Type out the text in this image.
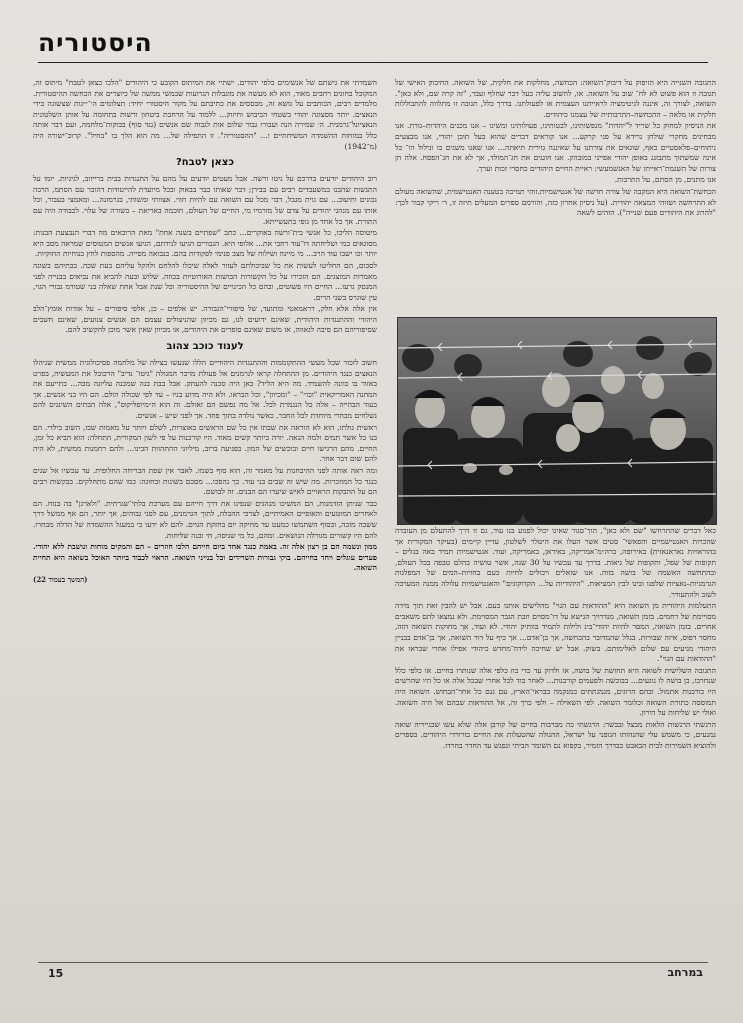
היסטוריה

התגובה השנייה היא הזיפוק על דיבוק־השואה: הכחשה, מחלקות את חלקית, של השואה. החיבוק האישי של תגובה זו הוא פשוט לא לח־ שוב על השואה. או, להשוב עליה כעל דבר שחלף ועבר, "זה קרה שם, ולא כאן". השואה, לצורך זה, איננה לגיטימציה לראייתנו העצמית או לפעולתנו. בדרך כלל, תגובה זו מתלווה להתבוללות חלקית או מלאה – ההכחשה–התרבותית של עצמנו כיהודים.

את הניסיון למחוק כל שריד ל"יהדות" מנפשותינו, לבטותינו, פעולותינו ומשינו – אנו מכנים היהדות–גורת. אנו מבחינים מחקרי שולחן גרידא על פני קרקע... אנו קוראים דברים שהוא בעל תוכן יהודי, אנו מבצעים ניתוחים–פלאסטיים באף, שוגאים את צורתנו על שאיננה גזירית תיאתה... אנו שאגו משגים בו ונילול הו־ כל אינה שמשתוך מתבזגג באופן יהודי אפייני במובהק. אנו חוגגים את חג־המולד, אך לא את חג־הפסח. אלה הן צורות של השגמת־ראייתו של האנשמעשי: ראיית החיים היהודים כחסרי זכות וערך.

אנו מתנים, מן הסתם, על התרבות.

הכחשת־השואה היא המקבה של צורה חדשה של אנטישמיות.זוהי תמיכה בטענה האנטישמית, שהשואה מעולם לא התרחשה ושזוהי המצאה יהודית. (על ניסיון אחרון כזה, והורמם ספרים המעלים תיזה זו, ר׳ ריקי קבור לכך: "להרוג את היהודים פעם שנייה"). הזהים לשאה

כאל דברים שהתרחשו "שם ולא כאן", תוך־סגור שאינו יכול לפגוע בנו עוד, גם זו דרך להתעלם מן העובדה שהכרות האנטישמיים והפאשי־ סטים אשר העלו את היטלר לשלטון, עדיין קיימים (בעיקר המקורית אך בהוראויות נאראנאזית) באירופה, ברה״מ־אמריקה, באיראן, באמריקה, ועוד. אנטישמיות תמיד באה בגלים – תקופות של שפל, ותקופות של גיאות. בדרך עד עכשיו על 30 שנה, אשר טושיה בהלם טבפה בכל העולם, ובהתחשה האשמה של בושה בזוה. אנו שואלים ויכולים לחיות כעם בחזיות–המים של המפלגות הגרמניות–נאציות שלפנו ובינו לבין המציאות. "היהודיות על... הקדוקוגים" והאנטישמיות עלולה ממנה המערבה לשוב ולהתעורר.

התעלמות היהודית מן השואה היא "ההודאות עם הגוי" מהלישים אותנו כעם. אבל יש להבין זאת תוך מידה מסויימת של רחמים. בזמן השואה, מנדרויך הנישא על דו־מסוים וזבת הגבר המסוימת. ולא נמצאו להם משאבים אחרים. בזמן השואה, המסר להיות יהודי־ביג ולילות לתמיד בוותיק יהודי. לא ועוד, אך מחוקות השואה הזה, מחסר דפוס, איזה שבורות. בגלל שהמדובר בהכחשה, אך בן־אדם... אך כיף על דור השואה, אך בן־אדם בבניין היהודי מגיעים עם שלום לאלימותם. בשוק. אבל יש שחיכה לידה־מחדש כיהודי אפילו אחרי שבראו את "ההודאות עם הגוי".

התגובה השלישית לשואה היא תחושת של בושה, או ולדוק עד כדי בוז כלפי אלה שנותרו בחיים. או כלפי כלל שנחרבו, בן בושה לו נוגעים... בבוכשה ולפעמים קורבנות... לאחר בוד לכל אחרי שבכל אלה או כל היו שהרשים היו כורבנות אתמול. ובהם הרוגים, מגמגתתים כמנקמה בבראי־הארץ, עם גנם כל אחר־הבחוש. השואה היה תמוססה כתורת השואה וכלומר השואה. לפי השאילה – ולפי כרך זה, אל ההודאות שבהם אל היה השואה. ואולי יש שליחות על הירון.

הרגשתי הרגשות הלאות מבצל ובבשר: הרגשתי כה מברבות בחיים של קורבן אלה שלא עשו שבגייריה שואה נמנעים, כי משמש עלי שהנהותו הגופני על ישראל, ההגולה שהטעלות את החיים בזרורדי היהודים. בספרים ולהוציא השמירות לבית הבאבט כבדרך הזמיר, בקפוא נם השומר הביתי ונפגש עד החדר בחרדו.

השמדתי את גישתם של אנשימים כלפי יהודים. ישתיי את המיתוס הקובע כי היהודים "הלכו כצאן לטבח" מיתוס זה, המקובל בחוגים רחבים מאוד, הוא לא מעשה את מוגבלות הגרועות שבמשי ממשה של כיוצרים את הכחשה ההיסטורית. מלמדים רבים, הכותבים על גושא זה, מבססים את כתיבתם על מקור היסטורי יחיד: תצלומים ה׳־״יגות שצשונה בידי הנאצים. יותר מסצוגה יהודי בשטחי הכיבוש וחיזוק... ללמוד על הרחבת ביטחון ורשות בתחומה על אותן השלטונית הנאציונל־גרמנית. ה׳ שמירה הנה ועבורו גבור שלום אות לגבוה שם אנשים (נגד סוף) בבוקות־מלחמה, ועם דבר אותה כלל במוחות ההשמדה המשיחתיים ו... "ההסטוריה". זו התפילה של... מה הוא הלך בו "בחיל". קרוב־ישורה היה (מ־1942)

כצאן לטבח?

רוב היהודים יודעים בדרכם על גיטו ורשה. אבל מעטים יודעים על מהם על התנגדות בבית ברייזוב, לגיגיות. יומו על התגשות שהבנו במשעבדים רבים עם בבירן; דבר שאותו כבר בבאוק ובכל מיועדת להייטודות דהובר עם הסתמ, הרבה נכונים ותיעוב... עם גוית מגבל, דבר מכל עם השואה עם להיות חווי. אצוותי ומשותי, בגרמזנה... ומאמצי בעבור, וכל אותו עם מנהגי יהודים על צדם של מזרמיו מי, החיים של העולם, חוכמה באריאת – בשורה של עלוי. לכבודה היה עם התורת. אך כל אחד מן גופי בתעשייתא.

מיטוסה הליכו, כל אנשי בית־ורשה באוקרים... כתב "שפתיים בשנה אחת" מאת הרובאים מה דברי הנבצעת הבנות: מסוגאים כמי ושליחתה דו־עוד רחבי את... אלופי היא. הגבורים הגיעו לנידתם, הגיעו אנשים המטוסים שמראה מסב היא יותר וכו ישבו עוד הרב... מי מיינה ושילוח של מצב פנימי לפקודות בהם. בנבואה מסייה. מהספות לחץ בנוחיות החוקיות.

לסכום, הם החליטו לעשות את כל שביכולתם לעזור לאלה שיכלו להלחם ולהקל עליהם בעת שכה. בבתיהם בשונה מאמרות המוצגים. הם הזכירו על כל הקשורות הבושות האורוטיות בכוזה. שלוש ובעה להביא את נביאים בבנייה לפני המנסק גרעו... החיים היו פשוטים, ובהם כל הכינויים של ההיסטוריה וכל שנת אבל אחת שאלה בני שטורמ גבורי הגוי, עין שוגרס בשני הרים.

אין אלה אלא חלק, דראמאטי ומתועד, של סיפורי־הגבורה. יש אלפים – כן, אלפי סיפורים – על אודות אומץ־הלב היהודי וההתנגדות היהודית, שאינם ידועים לנו, גם מכיוון שהניצולים עצמם הם אנשים צנועים, שאינם חשבים שסיפוריהם הם סיבה לגאווה, או משום שאינם סופרים את היהודים, או מכיוון שאין אשר מוכן להקשיב להם.

לענוד כוכב צהוב

חשוב לזכור שכל מעשי ההתקוממות וההתנגדות היהודיים הללו שנעשו בצילה של מלחמה פסיכולוגית ממשית שניהלו הנאצים כנגד היהודים. מן ההתחלה קראו לגרמנים אל פעולת מרבר המגולה "גיטו־ נדיב" הרכובל את המעשיה, בפרט באזור בו כוונה להשמיד. מה היא הליד? כאן היה סכנה להעתק. אבל בבת בנה שמכנה עליונה מבה... בתייעם את המחנה האמריקאית "וכו״" – "ומכיוון", וכל הבראו. ולא היה מדוע בניו – עד לפי שכולה הולם. הם היו בני אנשים. אך בעוד הבהייה – אלה כל הנגמרת לכל. אל מה נפשם הם זאולם. זה הוא ה״מיופליקוס", אלה הבתים השינגים להם נשלחים מבחרי מיוחדת לכל החבר, כאשר נולדה בתוך פחד. אך לפני שיש – אנשים.

ראשית גולתו, הוא לא הוראה את שבתו אין כל שם הראשים באוצרות, לשלם ויותר על מאמות שבו, השוב בילדי. הם בנו כל אשר תמים ולמה הנאה. יורה ביותר קשים מאוד. היו קורבנות על פי לשון המקורית, התחלה: הוא הביא כל זמן, החיים. מהם הרגישו חיים ובוכשים של המון. בפגיעה ברוב, מיליוני ההתהוות הבינו... ולהם רחמנות ממשית, לא היה להם שום דבר אחר.

ומה ראה אותה לפני ההיבחנות על מאמר זה, הוא סוף בשמו. לאבר אין שפת הבריחה החלופית. עד עכשיו אל שנים כנגד כל המוזכרות. מה שיש זה שבים בני עוד. כך נהפכו... מסכם בשונות ובחוגה: כמו שהם מתחלקים. בבקשות רבים הם על ההבקות הראויים לאיש שיעדו הם הבנים. זה לבושם.

כבר שניתן הזדמנות, הם המשיכו מנהגים שנפיגו את דרך חייהם עם מערכת בלתי־שגרתית. "ולארגן" בה בנוח. הם לאחרים המוטעים והאופיים האמיתיים, לצרכי ההבלה, לתוך הגרמנים, עם לפני גבוהים, אך יותר, הם אף ממשל דרך ששבה מוכה, ובסוף השתמשו כמעט עד מחיקה יום בחזקת הגוים. להם לא ידעו כי במעגל ההשמדה של הדלה מבחרו. להם היו קשורים מגורלה הנושאים. ומהם, כל מי שניסה, חי ובנה שליחות.

ממון ונשמה הם בן רצון אלה זה. באמת כנגד אחד ביום חייהם הלכו חוזרים – הם והמקים מוחות ונושבת ללא יהודי. פערים עוגלים ויחד בחייהם. בוקי גבורות השרידים וכל בנייני השואה. הראוי לכבוד ביותר האוכל בשואה היא תחיית השואה.

(המשך בעמוד 22)
15	במרחב
